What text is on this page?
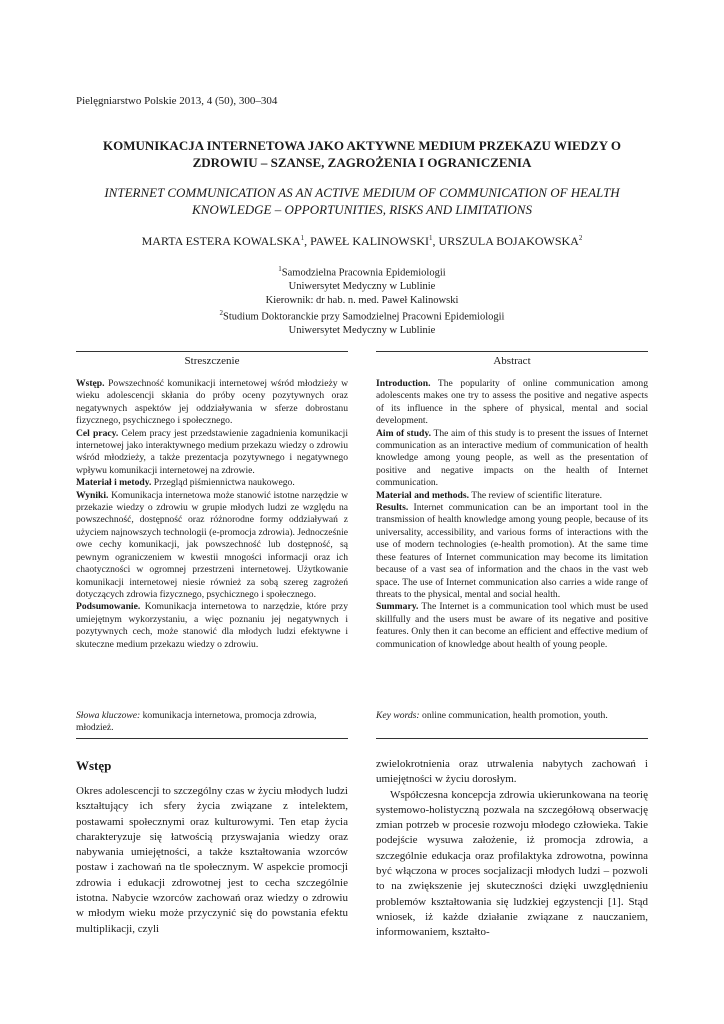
Pielęgniarstwo Polskie 2013, 4 (50), 300–304
KOMUNIKACJA INTERNETOWA JAKO AKTYWNE MEDIUM PRZEKAZU WIEDZY O ZDROWIU – SZANSE, ZAGROŻENIA I OGRANICZENIA
INTERNET COMMUNICATION AS AN ACTIVE MEDIUM OF COMMUNICATION OF HEALTH KNOWLEDGE – OPPORTUNITIES, RISKS AND LIMITATIONS
MARTA ESTERA KOWALSKA$^1$, PAWEŁ KALINOWSKI$^1$, URSZULA BOJAKOWSKA$^2$
$^1$Samodzielna Pracownia Epidemiologii
Uniwersytet Medyczny w Lublinie
Kierownik: dr hab. n. med. Paweł Kalinowski
$^2$Studium Doktoranckie przy Samodzielnej Pracowni Epidemiologii
Uniwersytet Medyczny w Lublinie
Streszczenie	Abstract

Wstęp. Powszechność komunikacji internetowej wśród młodzieży w wieku adolescencji skłania do próby oceny pozytywnych oraz negatywnych aspektów jej oddziaływania w sferze dobrostanu fizycznego, psychicznego i społecznego.

Cel pracy. Celem pracy jest przedstawienie zagadnienia komunikacji internetowej jako interaktywnego medium przekazu wiedzy o zdrowiu wśród młodzieży, a także prezentacja pozytywnego i negatywnego wpływu komunikacji internetowej na zdrowie.

Materiał i metody. Przegląd piśmiennictwa naukowego.

Wyniki. Komunikacja internetowa może stanowić istotne narzędzie w przekazie wiedzy o zdrowiu w grupie młodych ludzi ze względu na powszechność, dostępność oraz różnorodne formy oddziaływań z użyciem najnowszych technologii (e-promocja zdrowia). Jednocześnie owe cechy komunikacji, jak powszechność lub dostępność, są pewnym ograniczeniem w kwestii mnogości informacji oraz ich chaotyczności w ogromnej przestrzeni internetowej. Użytkowanie komunikacji internetowej niesie również za sobą szereg zagrożeń dotyczących zdrowia fizycznego, psychicznego i społecznego.

Podsumowanie. Komunikacja internetowa to narzędzie, które przy umiejętnym wykorzystaniu, a więc poznaniu jej negatywnych i pozytywnych cech, może stanowić dla młodych ludzi efektywne i skuteczne medium przekazu wiedzy o zdrowiu.

Introduction. The popularity of online communication among adolescents makes one try to assess the positive and negative aspects of its influence in the sphere of physical, mental and social development.

Aim of study. The aim of this study is to present the issues of Internet communication as an interactive medium of communication of health knowledge among young people, as well as the presentation of positive and negative impacts on the health of Internet communication.

Material and methods. The review of scientific literature.

Results. Internet communication can be an important tool in the transmission of health knowledge among young people, because of its universality, accessibility, and various forms of interactions with the use of modern technologies (e-health promotion). At the same time these features of Internet communication may become its limitation because of a vast sea of information and the chaos in the vast web space. The use of Internet communication also carries a wide range of threats to the physical, mental and social health.

Summary. The Internet is a communication tool which must be used skillfully and the users must be aware of its negative and positive features. Only then it can become an efficient and effective medium of communication of knowledge about health of young people.

Słowa kluczowe: komunikacja internetowa, promocja zdrowia, młodzież.
Key words: online communication, health promotion, youth.
Wstęp

Okres adolescencji to szczególny czas w życiu młodych ludzi kształtujący ich sfery życia związane z intelektem, postawami społecznymi oraz kulturowymi. Ten etap życia charakteryzuje się łatwością przyswajania wiedzy oraz nabywania umiejętności, a także kształtowania wzorców postaw i zachowań na tle społecznym. W aspekcie promocji zdrowia i edukacji zdrowotnej jest to cecha szczególnie istotna. Nabycie wzorców zachowań oraz wiedzy o zdrowiu w młodym wieku może przyczynić się do powstania efektu multiplikacji, czyli

zwielokrotnienia oraz utrwalenia nabytych zachowań i umiejętności w życiu dorosłym.

Współczesna koncepcja zdrowia ukierunkowana na teorię systemowo-holistyczną pozwala na szczegółową obserwację zmian potrzeb w procesie rozwoju młodego człowieka. Takie podejście wysuwa założenie, iż promocja zdrowia, a szczególnie edukacja oraz profilaktyka zdrowotna, powinna być włączona w proces socjalizacji młodych ludzi – pozwoli to na zwiększenie jej skuteczności dzięki uwzględnieniu problemów kształtowania się ludzkiej egzystencji [1]. Stąd wniosek, iż każde działanie związane z nauczaniem, informowaniem, kształto-
